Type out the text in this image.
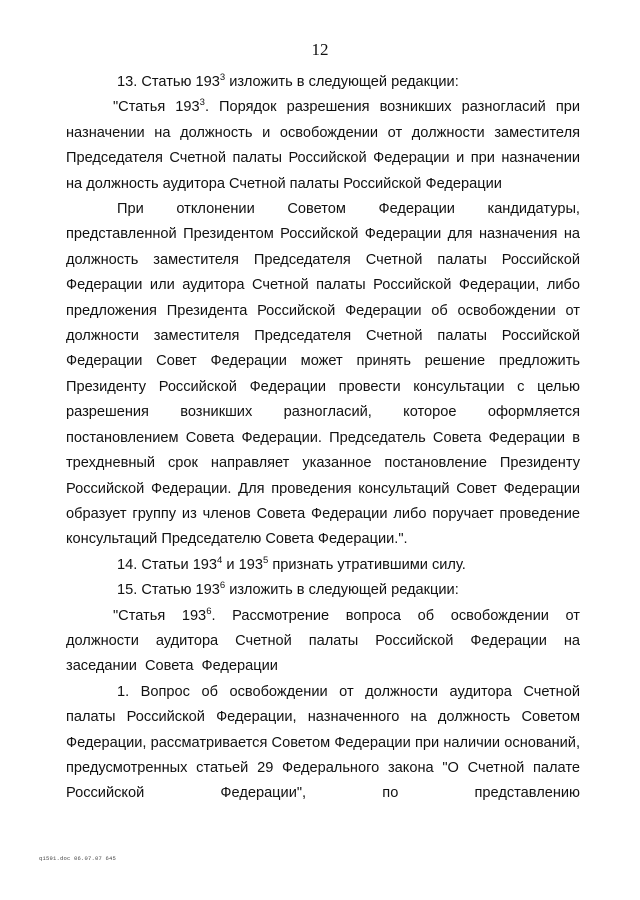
12

13. Статью $193^3$ изложить в следующей редакции:

"Статья $193^3$. Порядок разрешения возникших разногласий при назначении на должность и освобождении от должности заместителя Председателя Счетной палаты Российской Федерации и при назначении на должность аудитора Счетной палаты Российской Федерации

При отклонении Советом Федерации кандидатуры, представленной Президентом Российской Федерации для назначения на должность заместителя Председателя Счетной палаты Российской Федерации или аудитора Счетной палаты Российской Федерации, либо предложения Президента Российской Федерации об освобождении от должности заместителя Председателя Счетной палаты Российской Федерации Совет Федерации может принять решение предложить Президенту Российской Федерации провести консультации с целью разрешения возникших разногласий, которое оформляется постановлением Совета Федерации. Председатель Совета Федерации в трехдневный срок направляет указанное постановление Президенту Российской Федерации. Для проведения консультаций Совет Федерации образует группу из членов Совета Федерации либо поручает проведение консультаций Председателю Совета Федерации.".

14. Статьи $193^4$ и $193^5$ признать утратившими силу.

15. Статью $193^6$ изложить в следующей редакции:

"Статья $193^6$. Рассмотрение вопроса об освобождении от должности аудитора Счетной палаты Российской Федерации на заседании Совета Федерации

1. Вопрос об освобождении от должности аудитора Счетной палаты Российской Федерации, назначенного на должность Советом Федерации, рассматривается Советом Федерации при наличии оснований, предусмотренных статьей 29 Федерального закона "О Счетной палате Российской Федерации", по представлению

q1591.doc 06.07.07 645
